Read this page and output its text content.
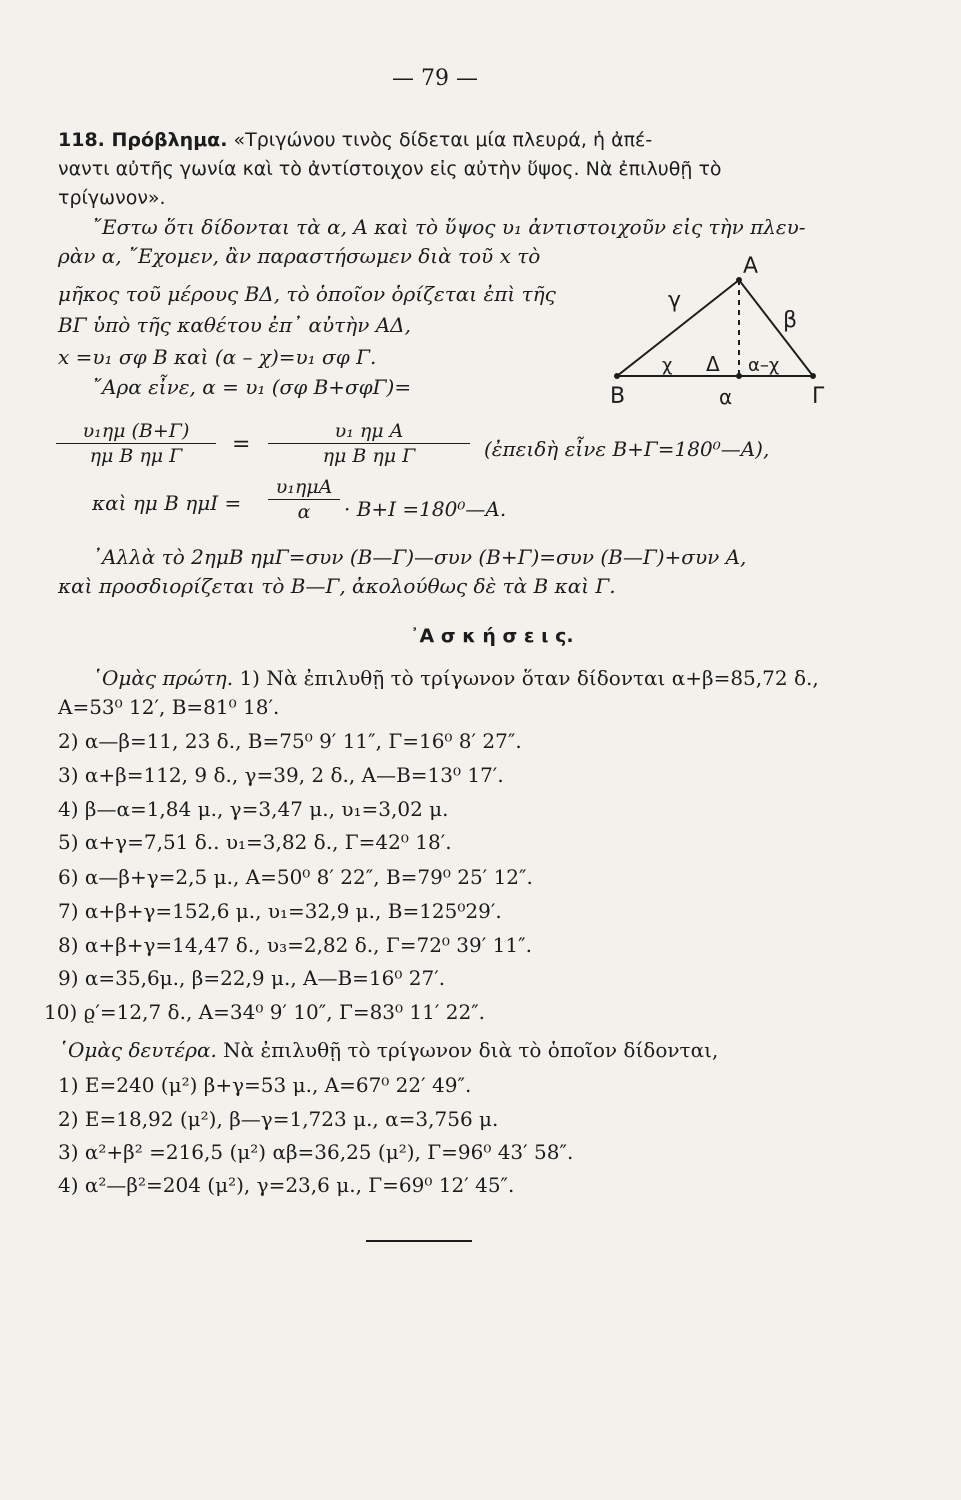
— 79 —
118. Πρόβλημα. «Τριγώνου τινὸς δίδεται μία πλευρά, ἡ ἀπέ-
ναντι αὐτῆς γωνία καὶ τὸ ἀντίστοιχον εἰς αὐτὴν ὕψος. Νὰ ἐπιλυθῇ τὸ
τρίγωνον».
῎Εστω ὅτι δίδονται τὰ α, Α καὶ τὸ ὕψος υ₁ ἀντιστοιχοῦν εἰς τὴν πλευ-
ρὰν α, ῎Εχομεν, ἂν παραστήσωμεν διὰ τοῦ x τὸ
μῆκος τοῦ μέρους ΒΔ, τὸ ὁποῖον ὁρίζεται ἐπὶ τῆς
ΒΓ ὑπὸ τῆς καθέτου ἐπ᾿ αὐτὴν ΑΔ,
x =υ₁ σφ Β καὶ (α – χ)=υ₁ σφ Γ.
῎Αρα εἶνε, α = υ₁ (σφ Β+σφΓ)=
Α
Β	Γ
Δ
γ
β
χ	α–χ
α
$\frac{\text{υ₁ημ (Β+Γ)}}{\text{ημ Β ημ Γ}} = \frac{\text{υ₁ ημ Α}}{\text{ημ Β ημ Γ}}$ (ἐπειδὴ εἶνε Β+Γ=180⁰—Α),
καὶ ημ Β ημΙ =
υ₁ημΑ
α	· Β+Ι =180⁰—Α.
᾿Αλλὰ τὸ 2ημΒ ημΓ=συν (Β—Γ)—συν (Β+Γ)=συν (Β—Γ)+συν Α,
καὶ προσδιορίζεται τὸ Β—Γ, ἀκολούθως δὲ τὰ Β καὶ Γ.
᾿Α σ κ ή σ ε ι ς.
῾Ομὰς πρώτη. 1) Νὰ ἐπιλυθῇ τὸ τρίγωνον ὅταν δίδονται α+β=85,72 δ.,
Α=53⁰ 12′, Β=81⁰ 18′.
2) α—β=11, 23 δ., Β=75⁰ 9′ 11″, Γ=16⁰ 8′ 27″.
3) α+β=112, 9 δ., γ=39, 2 δ., Α—Β=13⁰ 17′.
4) β—α=1,84 μ., γ=3,47 μ., υ₁=3,02 μ.
5) α+γ=7,51 δ.. υ₁=3,82 δ., Γ=42⁰ 18′.
6) α—β+γ=2,5 μ., Α=50⁰ 8′ 22″, Β=79⁰ 25′ 12″.
7) α+β+γ=152,6 μ., υ₁=32,9 μ., Β=125⁰29′.
8) α+β+γ=14,47 δ., υ₃=2,82 δ., Γ=72⁰ 39′ 11″.
9) α=35,6μ., β=22,9 μ., Α—Β=16⁰ 27′.
10) ϱ′=12,7 δ., Α=34⁰ 9′ 10″, Γ=83⁰ 11′ 22″.
῾Ομὰς δευτέρα. Νὰ ἐπιλυθῇ τὸ τρίγωνον διὰ τὸ ὁποῖον δίδονται,
1) Ε=240 (μ²) β+γ=53 μ., Α=67⁰ 22′ 49″.
2) Ε=18,92 (μ²), β—γ=1,723 μ., α=3,756 μ.
3) α²+β² =216,5 (μ²) αβ=36,25 (μ²), Γ=96⁰ 43′ 58″.
4) α²—β²=204 (μ²), γ=23,6 μ., Γ=69⁰ 12′ 45″.
